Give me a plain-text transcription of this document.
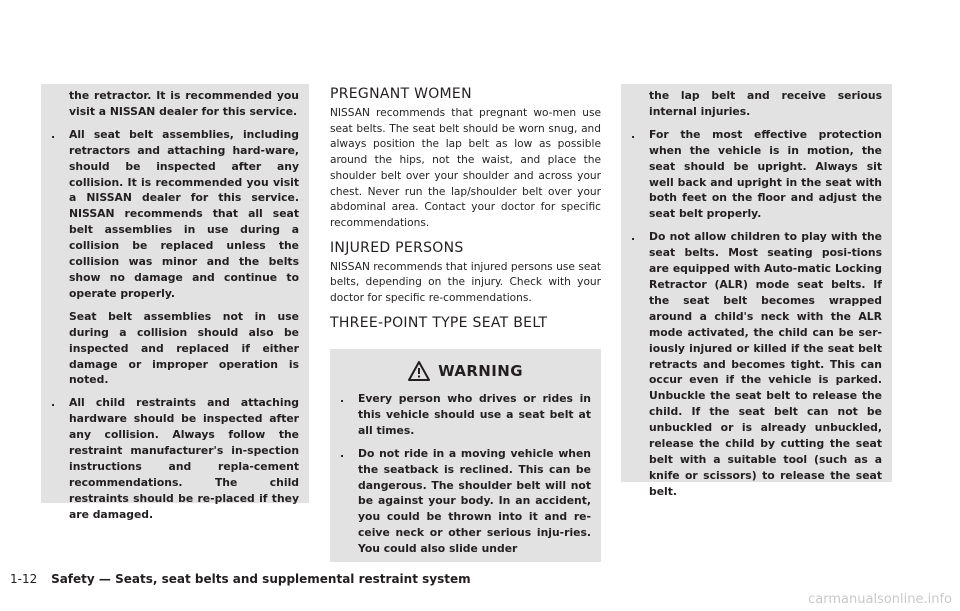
the retractor. It is recommended you visit a NISSAN dealer for this service.

. All seat belt assemblies, including retractors and attaching hard-ware, should be inspected after any collision. It is recommended you visit a NISSAN dealer for this service. NISSAN recommends that all seat belt assemblies in use during a collision be replaced unless the collision was minor and the belts show no damage and continue to operate properly.

Seat belt assemblies not in use during a collision should also be inspected and replaced if either damage or improper operation is noted.

. All child restraints and attaching hardware should be inspected after any collision. Always follow the restraint manufacturer's in-spection instructions and repla-cement recommendations. The child restraints should be re-placed if they are damaged.
PREGNANT WOMEN

NISSAN recommends that pregnant wo-men use seat belts. The seat belt should be worn snug, and always position the lap belt as low as possible around the hips, not the waist, and place the shoulder belt over your shoulder and across your chest. Never run the lap/shoulder belt over your abdominal area. Contact your doctor for specific recommendations.

INJURED PERSONS

NISSAN recommends that injured persons use seat belts, depending on the injury. Check with your doctor for specific re-commendations.

THREE-POINT TYPE SEAT BELT
WARNING
. Every person who drives or rides in this vehicle should use a seat belt at all times.
. Do not ride in a moving vehicle when the seatback is reclined. This can be dangerous. The shoulder belt will not be against your body. In an accident, you could be thrown into it and re-ceive neck or other serious inju-ries. You could also slide under

the lap belt and receive serious internal injuries.

. For the most effective protection when the vehicle is in motion, the seat should be upright. Always sit well back and upright in the seat with both feet on the floor and adjust the seat belt properly.
. Do not allow children to play with the seat belts. Most seating posi-tions are equipped with Auto-matic Locking Retractor (ALR) mode seat belts. If the seat belt becomes wrapped around a child's neck with the ALR mode activated, the child can be ser-iously injured or killed if the seat belt retracts and becomes tight. This can occur even if the vehicle is parked. Unbuckle the seat belt to release the child. If the seat belt can not be unbuckled or is already unbuckled, release the child by cutting the seat belt with a suitable tool (such as a knife or scissors) to release the seat belt.
1-12 Safety — Seats, seat belts and supplemental restraint system
carmanualsonline.info
